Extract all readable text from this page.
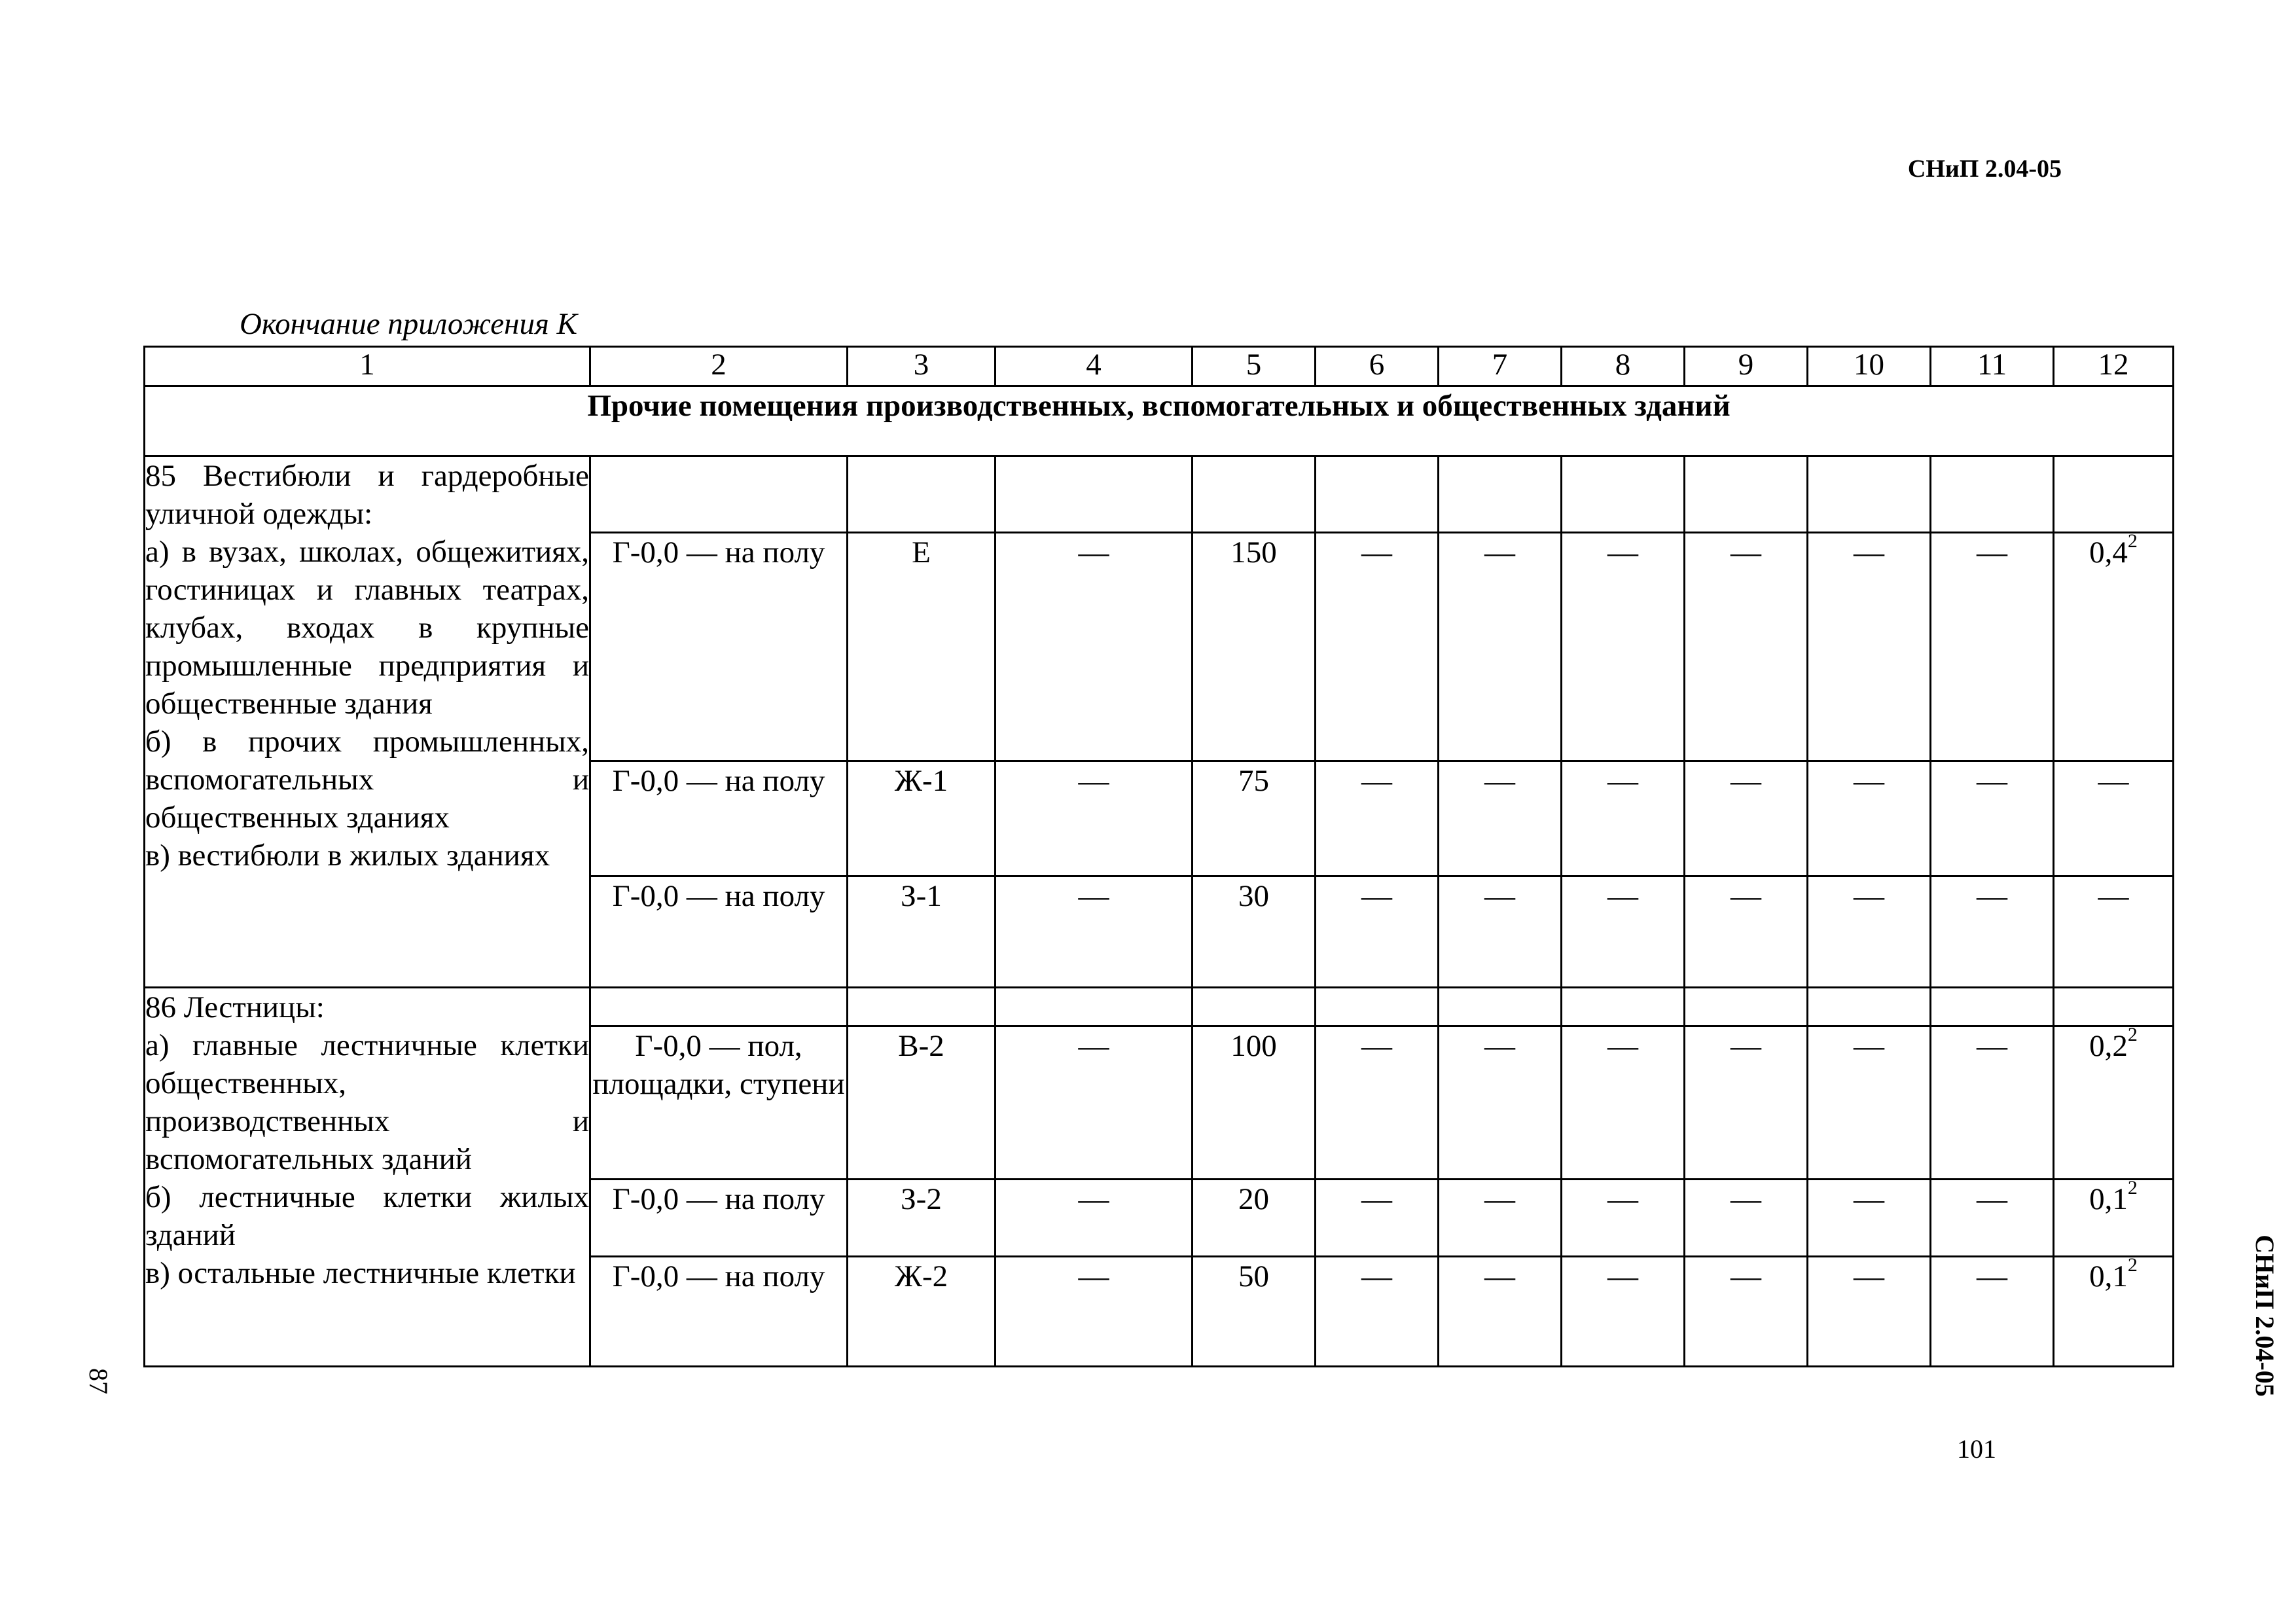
СНиП 2.04-05
Окончание приложения К
1	2	3	4	5	6	7	8	9	10	11	12
Прочие помещения производственных, вспомогательных и общественных зданий											

85 Вестибюли и гардеробные уличной одежды:

а) в вузах, школах, общежитиях, гостиницах и главных театрах, клубах, входах в крупные промышленные предприятия и общественные здания

б) в прочих промышленных, вспомогательных и общественных зданиях

в) вестибюли в жилых зданиях											

	Г-0,0 — на полу	Е	—	150	—	—	—	—	—	—	$0,4^2$
	Г-0,0 — на полу	Ж-1	—	75	—	—	—	—	—	—	—
	Г-0,0 — на полу	З-1	—	30	—	—	—	—	—	—	—

86 Лестницы:

а) главные лестничные клетки общественных, производственных и вспомогательных зданий

б) лестничные клетки жилых зданий

в) остальные лестничные клетки											

	Г-0,0 — пол, площадки, ступени	В-2	—	100	—	—	—	—	—	—	$0,2^2$
	Г-0,0 — на полу	З-2	—	20	—	—	—	—	—	—	$0,1^2$
	Г-0,0 — на полу	Ж-2	—	50	—	—	—	—	—	—	$0,1^2$
87	СНиП 2.04-05
101
